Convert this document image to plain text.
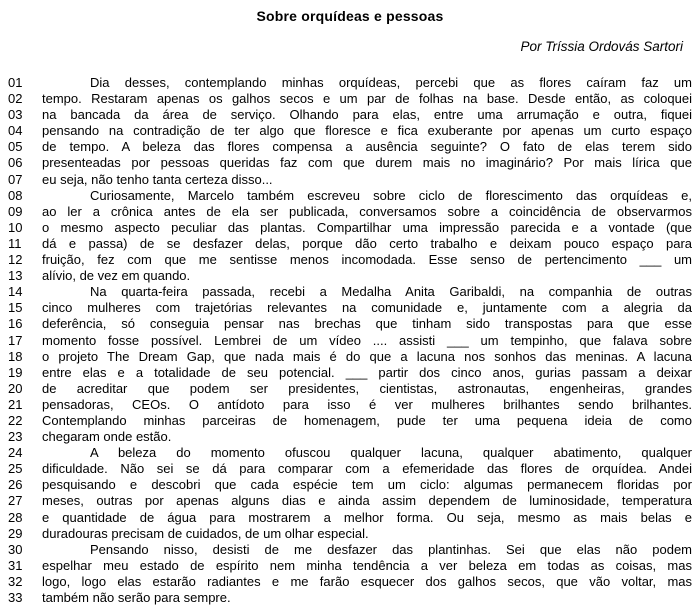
Sobre orquídeas e pessoas
Por Tríssia Ordovás Sartori
01	Dia desses, contemplando minhas orquídeas, percebi que as flores caíram faz um
02	tempo. Restaram apenas os galhos secos e um par de folhas na base. Desde então, as coloquei
03	na bancada da área de serviço. Olhando para elas, entre uma arrumação e outra, fiquei
04	pensando na contradição de ter algo que floresce e fica exuberante por apenas um curto espaço
05	de tempo. A beleza das flores compensa a ausência seguinte? O fato de elas terem sido
06	presenteadas por pessoas queridas faz com que durem mais no imaginário? Por mais lírica que
07	eu seja, não tenho tanta certeza disso...
08	Curiosamente, Marcelo também escreveu sobre ciclo de florescimento das orquídeas e,
09	ao ler a crônica antes de ela ser publicada, conversamos sobre a coincidência de observarmos
10	o mesmo aspecto peculiar das plantas. Compartilhar uma impressão parecida e a vontade (que
11	dá e passa) de se desfazer delas, porque dão certo trabalho e deixam pouco espaço para
12	fruição, fez com que me sentisse menos incomodada. Esse senso de pertencimento ___ um
13	alívio, de vez em quando.
14	Na quarta-feira passada, recebi a Medalha Anita Garibaldi, na companhia de outras
15	cinco mulheres com trajetórias relevantes na comunidade e, juntamente com a alegria da
16	deferência, só conseguia pensar nas brechas que tinham sido transpostas para que esse
17	momento fosse possível. Lembrei de um vídeo .... assisti ___ um tempinho, que falava sobre
18	o projeto The Dream Gap, que nada mais é do que a lacuna nos sonhos das meninas. A lacuna
19	entre elas e a totalidade de seu potencial. ___ partir dos cinco anos, gurias passam a deixar
20	de acreditar que podem ser presidentes, cientistas, astronautas, engenheiras, grandes
21	pensadoras, CEOs. O antídoto para isso é ver mulheres brilhantes sendo brilhantes.
22	Contemplando minhas parceiras de homenagem, pude ter uma pequena ideia de como
23	chegaram onde estão.
24	A beleza do momento ofuscou qualquer lacuna, qualquer abatimento, qualquer
25	dificuldade. Não sei se dá para comparar com a efemeridade das flores de orquídea. Andei
26	pesquisando e descobri que cada espécie tem um ciclo: algumas permanecem floridas por
27	meses, outras por apenas alguns dias e ainda assim dependem de luminosidade, temperatura
28	e quantidade de água para mostrarem a melhor forma. Ou seja, mesmo as mais belas e
29	duradouras precisam de cuidados, de um olhar especial.
30	Pensando nisso, desisti de me desfazer das plantinhas. Sei que elas não podem
31	espelhar meu estado de espírito nem minha tendência a ver beleza em todas as coisas, mas
32	logo, logo elas estarão radiantes e me farão esquecer dos galhos secos, que vão voltar, mas
33	também não serão para sempre.
